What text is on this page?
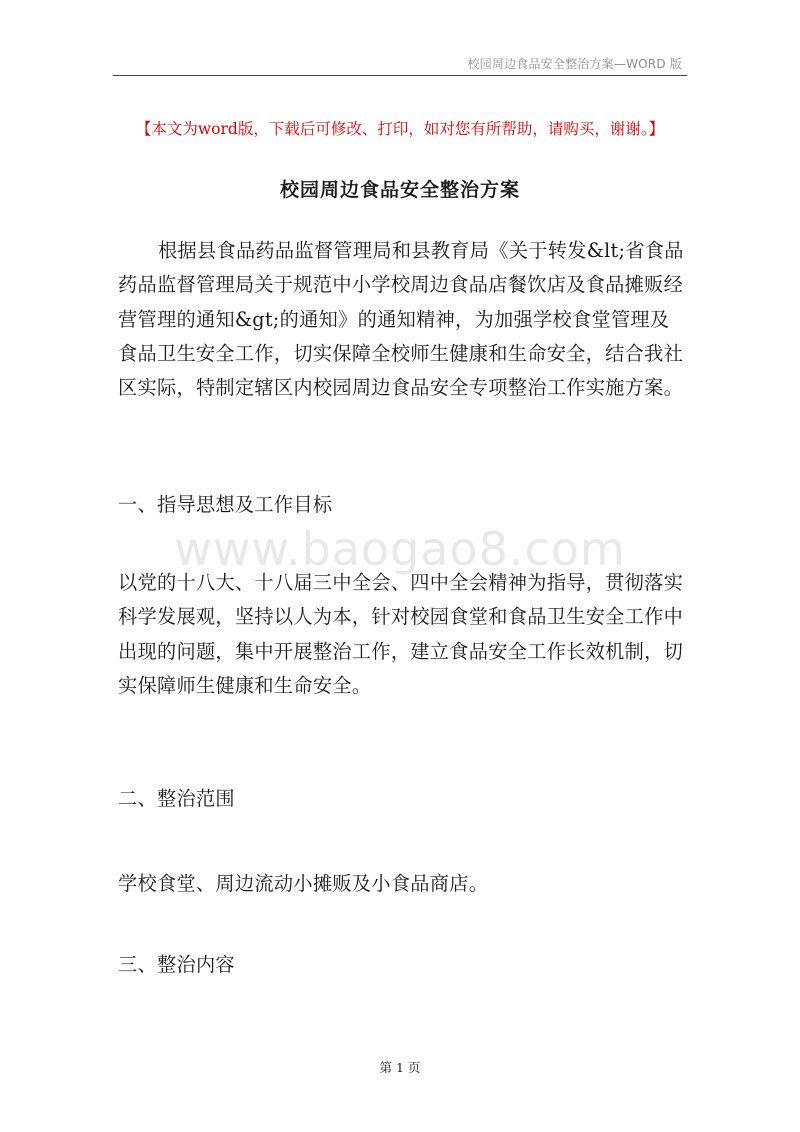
校园周边食品安全整治方案—WORD 版
【本文为word版，下载后可修改、打印，如对您有所帮助，请购买，谢谢。】
校园周边食品安全整治方案

根据县食品药品监督管理局和县教育局《关于转发&lt;省食品药品监督管理局关于规范中小学校周边食品店餐饮店及食品摊贩经营管理的通知&gt;的通知》的通知精神，为加强学校食堂管理及食品卫生安全工作，切实保障全校师生健康和生命安全，结合我社区实际，特制定辖区内校园周边食品安全专项整治工作实施方案。

一、指导思想及工作目标
www.baogao8.com

以党的十八大、十八届三中全会、四中全会精神为指导，贯彻落实科学发展观，坚持以人为本，针对校园食堂和食品卫生安全工作中出现的问题，集中开展整治工作，建立食品安全工作长效机制，切实保障师生健康和生命安全。

二、整治范围

学校食堂、周边流动小摊贩及小食品商店。

三、整治内容
第 1 页
